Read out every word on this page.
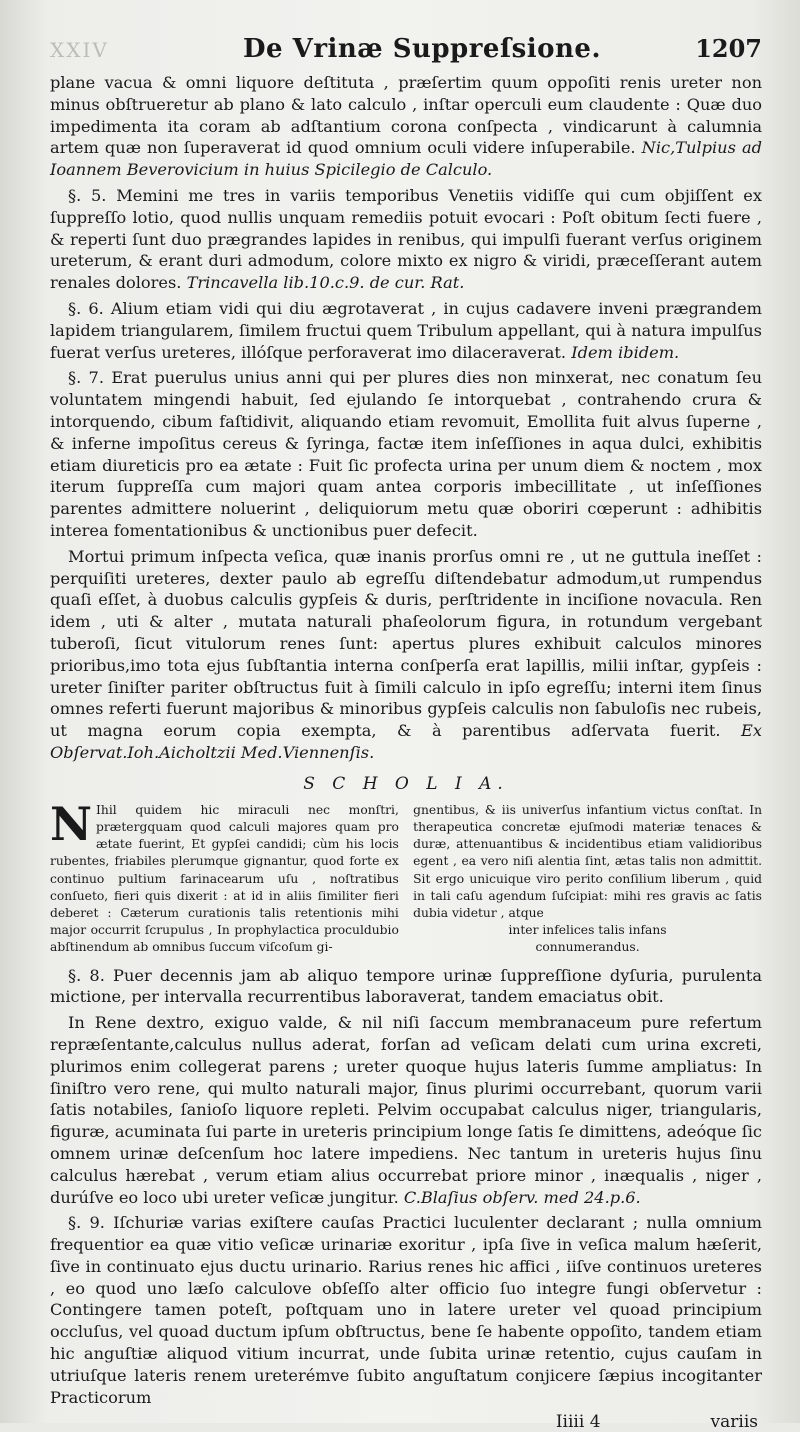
XXIV	De Vrinæ Suppreſsione.	1207

plane vacua & omni liquore deſtituta , præſertim quum oppoſiti renis ureter non minus obſtrueretur ab plano & lato calculo , inſtar operculi eum claudente : Quæ duo impedimenta ita coram ab adſtantium corona conſpecta , vindicarunt à calumnia artem quæ non ſuperaverat id quod omnium oculi videre inſuperabile. Nic,Tulpius ad Ioannem Beverovicium in huius Spicilegio de Calculo.

§. 5. Memini me tres in variis temporibus Venetiis vidiſſe qui cum objiſſent ex ſuppreſſo lotio, quod nullis unquam remediis potuit evocari : Poſt obitum ſecti fuere , & reperti ſunt duo prægrandes lapides in renibus, qui impulſi fuerant verſus originem ureterum, & erant duri admodum, colore mixto ex nigro & viridi, præceſſerant autem renales dolores. Trincavella lib.10.c.9. de cur. Rat.

§. 6. Alium etiam vidi qui diu ægrotaverat , in cujus cadavere inveni prægrandem lapidem triangularem, ſimilem fructui quem Tribulum appellant, qui à natura impulſus fuerat verſus ureteres, illóſque perforaverat imo dilaceraverat. Idem ibidem.

§. 7. Erat puerulus unius anni qui per plures dies non minxerat, nec conatum ſeu voluntatem mingendi habuit, ſed ejulando ſe intorquebat , contrahendo crura & intorquendo, cibum faſtidivit, aliquando etiam revomuit, Emollita fuit alvus ſuperne , & inferne impoſitus cereus & ſyringa, factæ item inſeſſiones in aqua dulci, exhibitis etiam diureticis pro ea ætate : Fuit ſic profecta urina per unum diem & noctem , mox iterum ſuppreſſa cum majori quam antea corporis imbecillitate , ut inſeſſiones parentes admittere noluerint , deliquiorum metu quæ oboriri cœperunt : adhibitis interea fomentationibus & unctionibus puer defecit.

Mortui primum inſpecta veſica, quæ inanis prorſus omni re , ut ne guttula ineſſet : perquiſiti ureteres, dexter paulo ab egreſſu diſtendebatur admodum,ut rumpendus quaſi eſſet, à duobus calculis gypſeis & duris, perſtridente in inciſione novacula. Ren idem , uti & alter , mutata naturali phaſeolorum figura, in rotundum vergebant tuberoſi, ſicut vitulorum renes ſunt: apertus plures exhibuit calculos minores prioribus,imo tota ejus ſubſtantia interna conſperſa erat lapillis, milii inſtar, gypſeis : ureter ſiniſter pariter obſtructus fuit à ſimili calculo in ipſo egreſſu; interni item ſinus omnes referti fuerunt majoribus & minoribus gypſeis calculis non ſabuloſis nec rubeis, ut magna eorum copia exempta, & à parentibus adſervata fuerit. Ex Obſervat.Ioh.Aicholtzii Med.Viennenſis.

S C H O L I A.

N Ihil quidem hic miraculi nec monſtri, prætergquam quod calculi majores quam pro ætate fuerint, Et gypſei candidi; cùm his locis rubentes, friabiles plerumque gignantur, quod forte ex continuo pultium farinacearum uſu , noſtratibus conſueto, fieri quis dixerit : at id in aliis ſimiliter fieri deberet : Cæterum curationis talis retentionis mihi major occurrit ſcrupulus , In prophylactica proculdubio abſtinendum ab omnibus ſuccum viſcoſum gi-

gnentibus, & iis univerſus infantium victus conſtat. In therapeutica concretæ ejuſmodi materiæ tenaces & duræ, attenuantibus & incidentibus etiam validioribus egent , ea vero niſi alentia ſint, ætas talis non admittit. Sit ergo unicuique viro perito conſilium liberum , quid in tali caſu agendum ſuſcipiat: mihi res gravis ac ſatis dubia videtur , atque

inter infelices talis infans

connumerandus.

§. 8. Puer decennis jam ab aliquo tempore urinæ ſuppreſſione dyſuria, purulenta mictione, per intervalla recurrentibus laboraverat, tandem emaciatus obit.

In Rene dextro, exiguo valde, & nil niſi ſaccum membranaceum pure refertum repræſentante,calculus nullus aderat, forſan ad veſicam delati cum urina excreti, plurimos enim collegerat parens ; ureter quoque hujus lateris ſumme ampliatus: In ſiniſtro vero rene, qui multo naturali major, ſinus plurimi occurrebant, quorum varii ſatis notabiles, ſanioſo liquore repleti. Pelvim occupabat calculus niger, triangularis, figuræ, acuminata ſui parte in ureteris principium longe ſatis ſe dimittens, adeóque ſic omnem urinæ deſcenſum hoc latere impediens. Nec tantum in ureteris hujus ſinu calculus hærebat , verum etiam alius occurrebat priore minor , inæqualis , niger , durúſve eo loco ubi ureter veſicæ jungitur. C.Blaſius obſerv. med 24.p.6.

§. 9. Iſchuriæ varias exiſtere cauſas Practici luculenter declarant ; nulla omnium frequentior ea quæ vitio veſicæ urinariæ exoritur , ipſa ſive in veſica malum hæſerit, ſive in continuato ejus ductu urinario. Rarius renes hic affici , iiſve continuos ureteres , eo quod uno læſo calculove obſeſſo alter officio ſuo integre fungi obſervetur : Contingere tamen poteſt, poſtquam uno in latere ureter vel quoad principium occluſus, vel quoad ductum ipſum obſtructus, bene ſe habente oppoſito, tandem etiam hic anguſtiæ aliquod vitium incurrat, unde ſubita urinæ retentio, cujus cauſam in utriuſque lateris renem ureterémve ſubito anguſtatum conjicere ſæpius incogitanter Practicorum

Iiiii 4	variis
